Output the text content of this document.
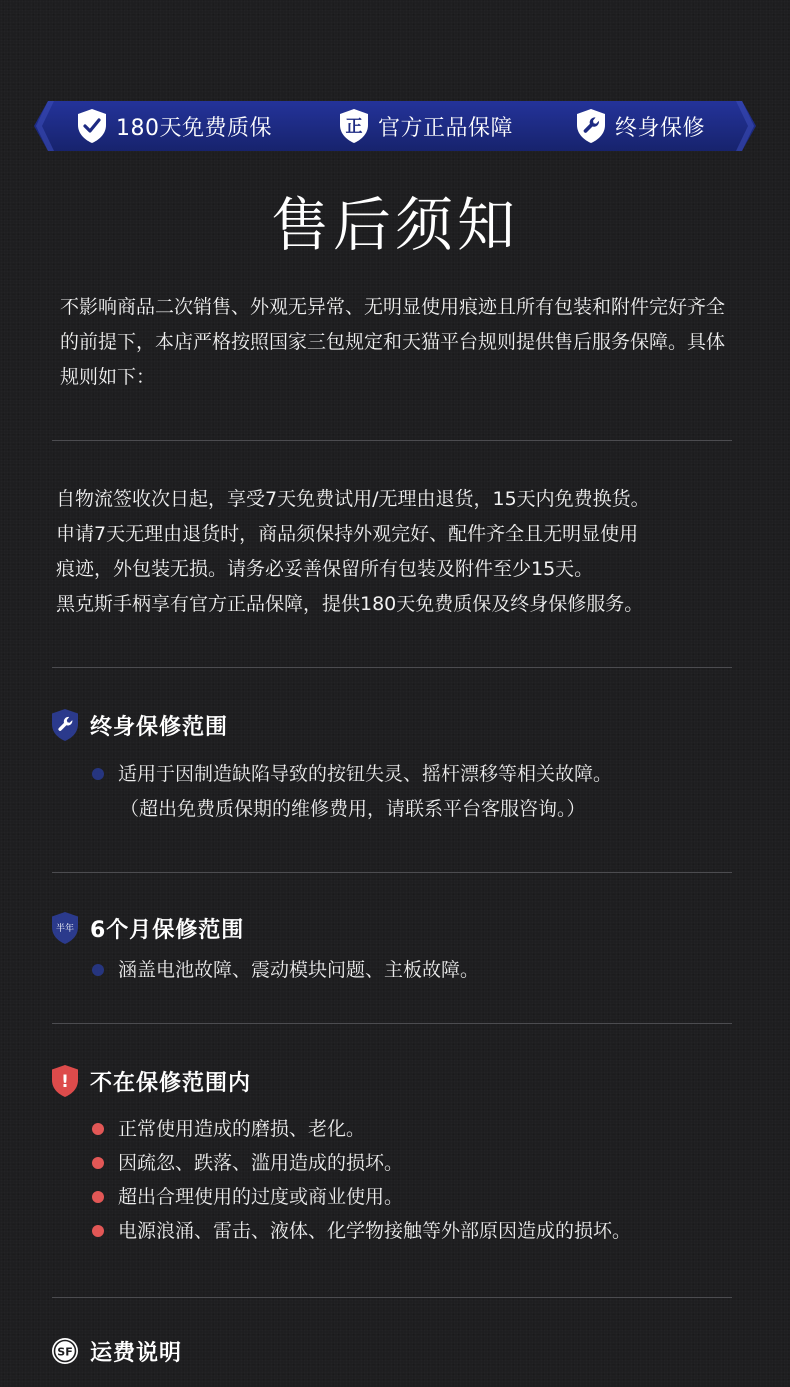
180天免费质保	正 官方正品保障	终身保修
售后须知

不影响商品二次销售、外观无异常、无明显使用痕迹且所有包装和附件完好齐全的前提下，本店严格按照国家三包规定和天猫平台规则提供售后服务保障。具体规则如下：

自物流签收次日起，享受7天免费试用/无理由退货，15天内免费换货。
申请7天无理由退货时，商品须保持外观完好、配件齐全且无明显使用
痕迹，外包装无损。请务必妥善保留所有包装及附件至少15天。
黑克斯手柄享有官方正品保障，提供180天免费质保及终身保修服务。
终身保修范围
适用于因制造缺陷导致的按钮失灵、摇杆漂移等相关故障。
（超出免费质保期的维修费用，请联系平台客服咨询。）
半年 6个月保修范围
涵盖电池故障、震动模块问题、主板故障。
! 不在保修范围内
正常使用造成的磨损、老化。
因疏忽、跌落、滥用造成的损坏。
超出合理使用的过度或商业使用。
电源浪涌、雷击、液体、化学物接触等外部原因造成的损坏。
SF 运费说明
